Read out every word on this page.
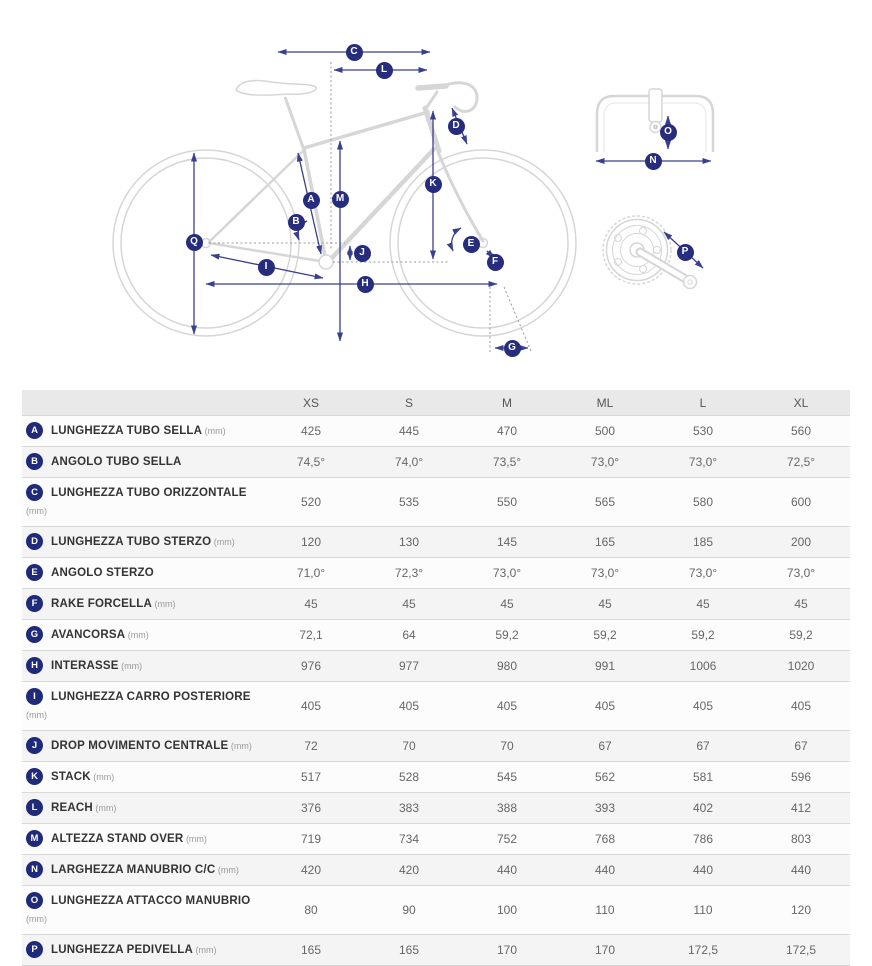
C
L
D
A	M
B
K
Q
J
E
F
I
H
G
N
O
P
	XS	S	M	ML	L	XL
A LUNGHEZZA TUBO SELLA (mm)	425	445	470	500	530	560
B ANGOLO TUBO SELLA	74,5°	74,0°	73,5°	73,0°	73,0°	72,5°
C LUNGHEZZA TUBO ORIZZONTALE (mm)	520	535	550	565	580	600
D LUNGHEZZA TUBO STERZO (mm)	120	130	145	165	185	200
E ANGOLO STERZO	71,0°	72,3°	73,0°	73,0°	73,0°	73,0°
F RAKE FORCELLA (mm)	45	45	45	45	45	45
G AVANCORSA (mm)	72,1	64	59,2	59,2	59,2	59,2
H INTERASSE (mm)	976	977	980	991	1006	1020
I LUNGHEZZA CARRO POSTERIORE (mm)	405	405	405	405	405	405
J DROP MOVIMENTO CENTRALE (mm)	72	70	70	67	67	67
K STACK (mm)	517	528	545	562	581	596
L REACH (mm)	376	383	388	393	402	412
M ALTEZZA STAND OVER (mm)	719	734	752	768	786	803
N LARGHEZZA MANUBRIO C/C (mm)	420	420	440	440	440	440
O LUNGHEZZA ATTACCO MANUBRIO (mm)	80	90	100	110	110	120
P LUNGHEZZA PEDIVELLA (mm)	165	165	170	170	172,5	172,5
